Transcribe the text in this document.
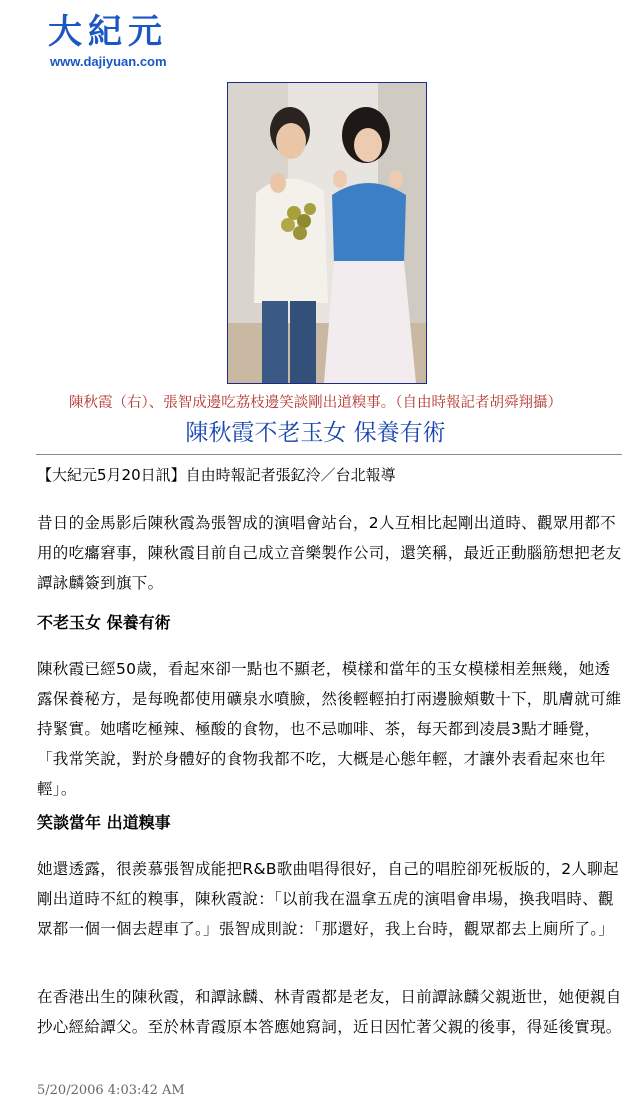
大紀元
www.dajiyuan.com
陳秋霞（右）、張智成邊吃荔枝邊笑談剛出道糗事。（自由時報記者胡舜翔攝）
陳秋霞不老玉女 保養有術
【大紀元5月20日訊】自由時報記者張釔泠／台北報導
昔日的金馬影后陳秋霞為張智成的演唱會站台，2人互相比起剛出道時、觀眾用都不用的吃癟窘事，陳秋霞目前自己成立音樂製作公司，還笑稱，最近正動腦筋想把老友譚詠麟簽到旗下。
不老玉女 保養有術
陳秋霞已經50歲，看起來卻一點也不顯老，模樣和當年的玉女模樣相差無幾，她透露保養秘方，是每晚都使用礦泉水噴臉，然後輕輕拍打兩邊臉頰數十下，肌膚就可維持緊實。她嗜吃極辣、極酸的食物，也不忌咖啡、茶，每天都到凌晨3點才睡覺，「我常笑說，對於身體好的食物我都不吃，大概是心態年輕，才讓外表看起來也年輕」。
笑談當年 出道糗事
她還透露，很羨慕張智成能把R&B歌曲唱得很好，自己的唱腔卻死板版的，2人聊起剛出道時不紅的糗事，陳秋霞說：「以前我在溫拿五虎的演唱會串場，換我唱時、觀眾都一個一個去趕車了。」張智成則說：「那還好，我上台時，觀眾都去上廁所了。」
在香港出生的陳秋霞，和譚詠麟、林青霞都是老友，日前譚詠麟父親逝世，她便親自抄心經給譚父。至於林青霞原本答應她寫詞，近日因忙著父親的後事，得延後實現。
5/20/2006 4:03:42 AM
